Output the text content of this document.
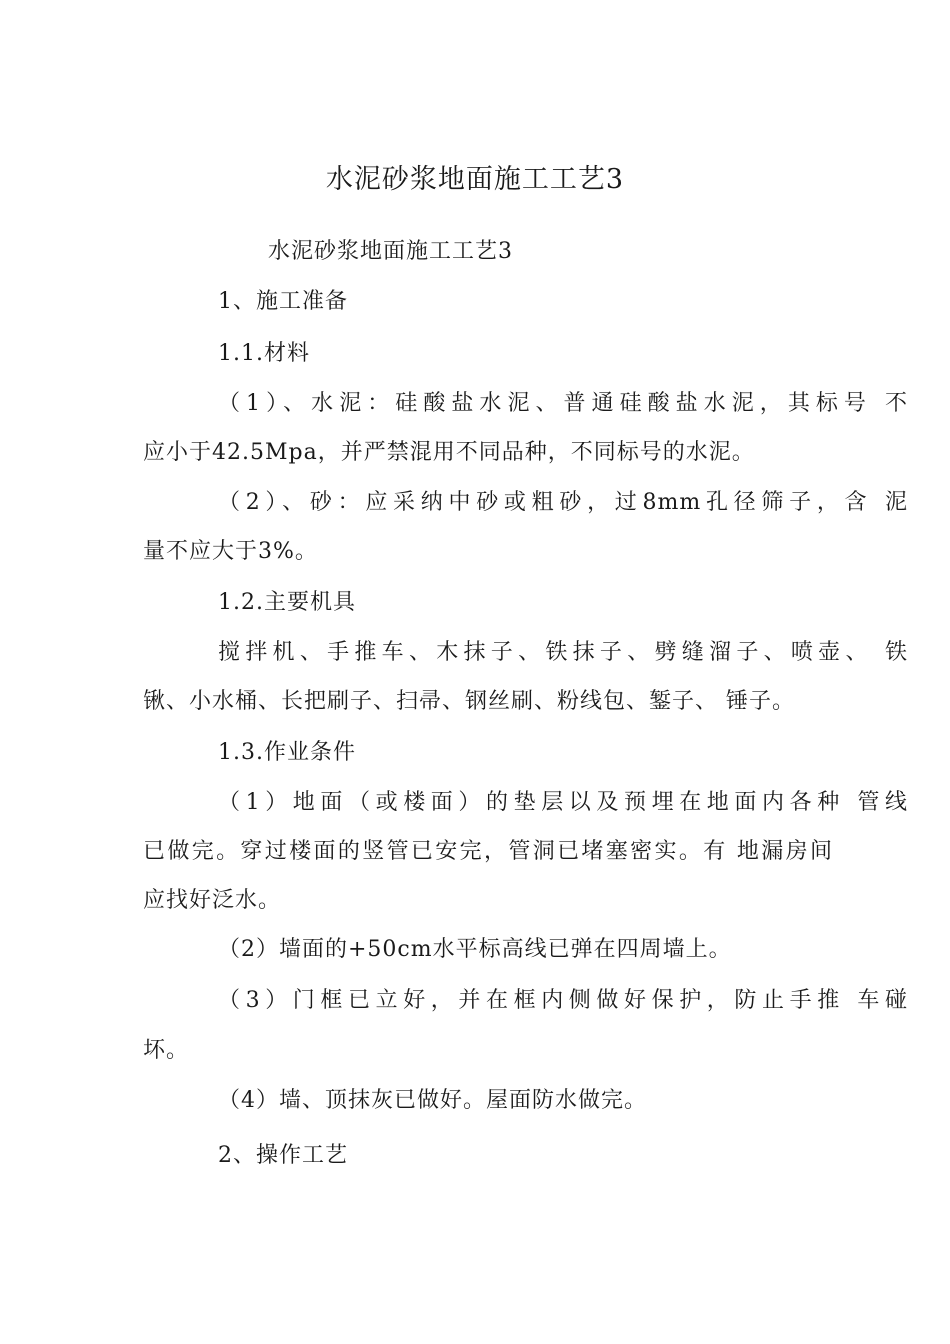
水泥砂浆地面施工工艺3
水泥砂浆地面施工工艺3
1、施工准备
1.1.材料
（1）、水泥：硅酸盐水泥、普通硅酸盐水泥，其标号 不
应小于42.5Mpa，并严禁混用不同品种，不同标号的水泥。
（2）、砂：应采纳中砂或粗砂，过8mm孔径筛子，含 泥
量不应大于3%。
1.2.主要机具
搅拌机、手推车、木抹子、铁抹子、劈缝溜子、喷壶、 铁
锹、小水桶、长把刷子、扫帚、钢丝刷、粉线包、錾子、 锤子。
1.3.作业条件
（1）地面（或楼面）的垫层以及预埋在地面内各种 管线
已做完。穿过楼面的竖管已安完，管洞已堵塞密实。有 地漏房间
应找好泛水。
（2）墙面的+50cm水平标高线已弹在四周墙上。
（3）门框已立好，并在框内侧做好保护，防止手推 车碰
坏。
（4）墙、顶抹灰已做好。屋面防水做完。
2、操作工艺
